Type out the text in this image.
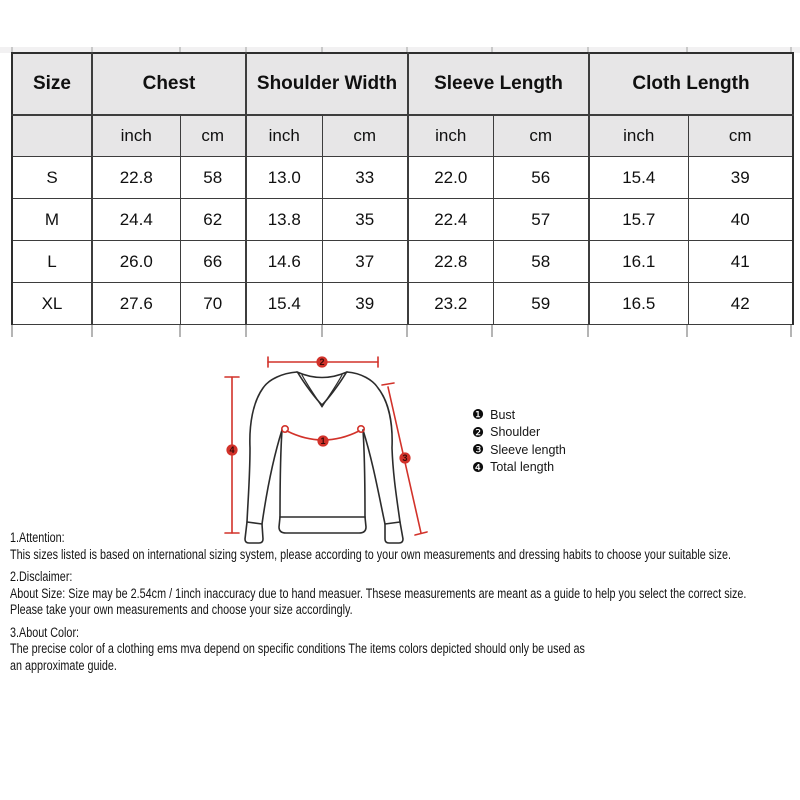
Size	Chest		Shoulder Width		Sleeve Length		Cloth Length	
	inch	cm	inch	cm	inch	cm	inch	cm
S	22.8	58	13.0	33	22.0	56	15.4	39
M	24.4	62	13.8	35	22.4	57	15.7	40
L	26.0	66	14.6	37	22.8	58	16.1	41
XL	27.6	70	15.4	39	23.2	59	16.5	42
2
1
3
4
❶ Bust
❷ Shoulder
❸ Sleeve length
❹ Total length
1.Attention:
This sizes listed is based on international sizing system, please according to your own measurements and dressing habits to choose your suitable size.
2.Disclaimer:
About Size: Size may be 2.54cm / 1inch inaccuracy due to hand measuer. Thsese measurements are meant as a guide to help you select the correct size.
Please take your own measurements and choose your size accordingly.
3.About Color:
The precise color of a clothing ems mva depend on specific conditions The items colors depicted should only be used as
an approximate guide.
